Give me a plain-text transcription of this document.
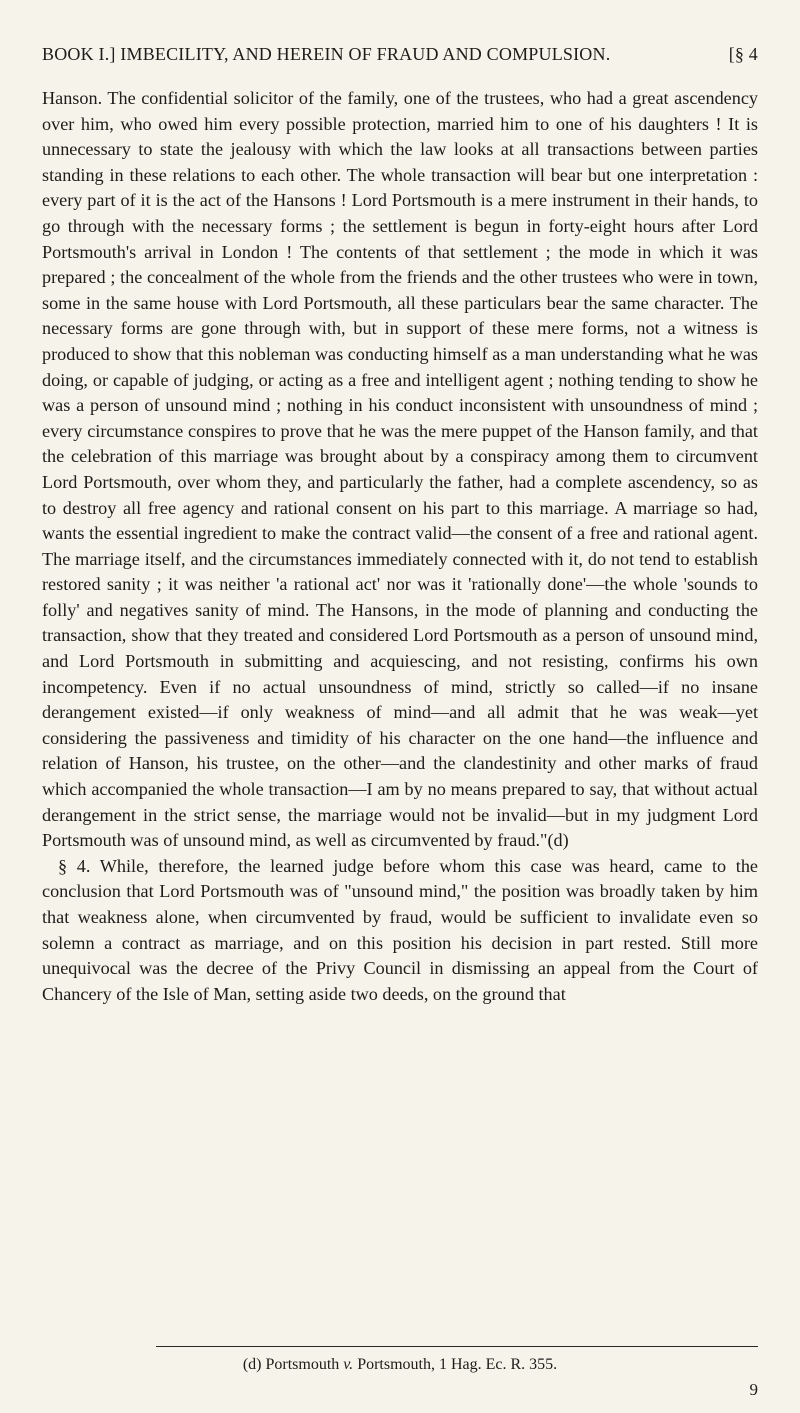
BOOK I.] IMBECILITY, AND HEREIN OF FRAUD AND COMPULSION.	[§ 4

Hanson. The confidential solicitor of the family, one of the trustees, who had a great ascendency over him, who owed him every possible protection, married him to one of his daughters ! It is unnecessary to state the jealousy with which the law looks at all transactions between parties standing in these relations to each other. The whole transaction will bear but one interpretation : every part of it is the act of the Hansons ! Lord Portsmouth is a mere instrument in their hands, to go through with the necessary forms ; the settlement is begun in forty-eight hours after Lord Portsmouth's arrival in London ! The contents of that settlement ; the mode in which it was prepared ; the concealment of the whole from the friends and the other trustees who were in town, some in the same house with Lord Portsmouth, all these particulars bear the same character. The necessary forms are gone through with, but in support of these mere forms, not a witness is produced to show that this nobleman was conducting himself as a man understanding what he was doing, or capable of judging, or acting as a free and intelligent agent ; nothing tending to show he was a person of unsound mind ; nothing in his conduct inconsistent with unsoundness of mind ; every circumstance conspires to prove that he was the mere puppet of the Hanson family, and that the celebration of this marriage was brought about by a conspiracy among them to circumvent Lord Portsmouth, over whom they, and particularly the father, had a complete ascendency, so as to destroy all free agency and rational consent on his part to this marriage. A marriage so had, wants the essential ingredient to make the contract valid—the consent of a free and rational agent. The marriage itself, and the circumstances immediately connected with it, do not tend to establish restored sanity ; it was neither 'a rational act' nor was it 'rationally done'—the whole 'sounds to folly' and negatives sanity of mind. The Hansons, in the mode of planning and conducting the transaction, show that they treated and considered Lord Portsmouth as a person of unsound mind, and Lord Portsmouth in submitting and acquiescing, and not resisting, confirms his own incompetency. Even if no actual unsoundness of mind, strictly so called—if no insane derangement existed—if only weakness of mind—and all admit that he was weak—yet considering the passiveness and timidity of his character on the one hand—the influence and relation of Hanson, his trustee, on the other—and the clandestinity and other marks of fraud which accompanied the whole transaction—I am by no means prepared to say, that without actual derangement in the strict sense, the marriage would not be invalid—but in my judgment Lord Portsmouth was of unsound mind, as well as circumvented by fraud."(d)

§ 4. While, therefore, the learned judge before whom this case was heard, came to the conclusion that Lord Portsmouth was of "unsound mind," the position was broadly taken by him that weakness alone, when circumvented by fraud, would be sufficient to invalidate even so solemn a contract as marriage, and on this position his decision in part rested. Still more unequivocal was the decree of the Privy Council in dismissing an appeal from the Court of Chancery of the Isle of Man, setting aside two deeds, on the ground that

(d) Portsmouth v. Portsmouth, 1 Hag. Ec. R. 355.
9
